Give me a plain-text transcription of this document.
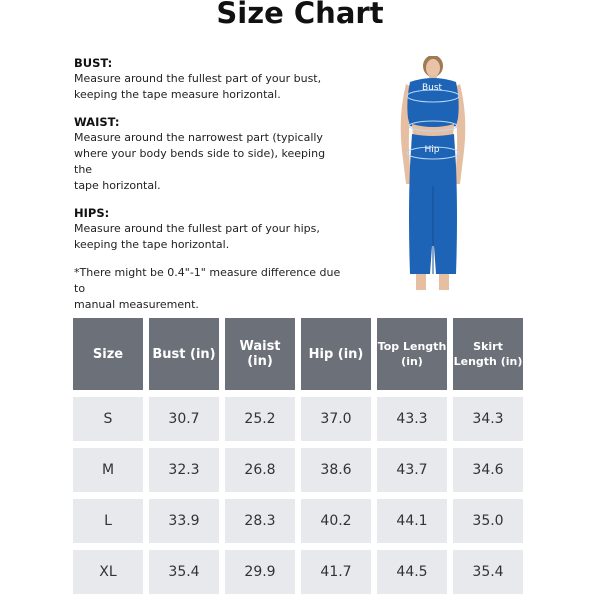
Size Chart
BUST:

Measure around the fullest part of your bust,
keeping the tape measure horizontal.

WAIST:

Measure around the narrowest part (typically
where your body bends side to side), keeping the
tape horizontal.

HIPS:

Measure around the fullest part of your hips,
keeping the tape horizontal.

*There might be 0.4"-1" measure difference due to
manual measurement.

Bust
Hip
Size	Bust (in)	Waist (in)	Hip (in)	Top Length (in)	Skirt Length (in)
S	30.7	25.2	37.0	43.3	34.3
M	32.3	26.8	38.6	43.7	34.6
L	33.9	28.3	40.2	44.1	35.0
XL	35.4	29.9	41.7	44.5	35.4
